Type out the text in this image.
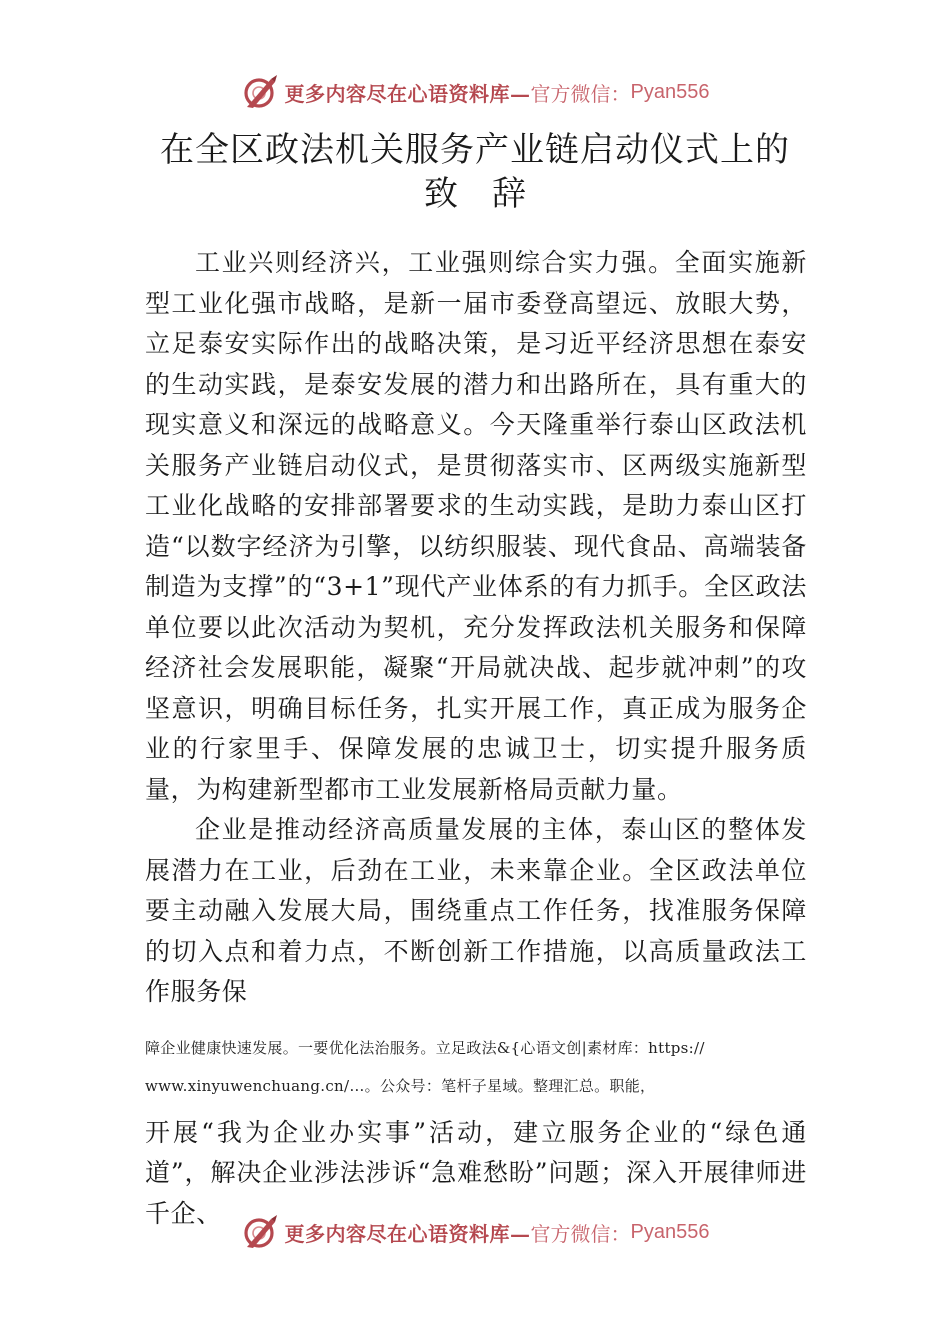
更多内容尽在心语资料库— 官方微信： Pyan556
在全区政法机关服务产业链启动仪式上的
致辞

工业兴则经济兴，工业强则综合实力强。全面实施新型工业化强市战略，是新一届市委登高望远、放眼大势，立足泰安实际作出的战略决策，是习近平经济思想在泰安的生动实践，是泰安发展的潜力和出路所在，具有重大的现实意义和深远的战略意义。今天隆重举行泰山区政法机关服务产业链启动仪式，是贯彻落实市、区两级实施新型工业化战略的安排部署要求的生动实践，是助力泰山区打造“以数字经济为引擎，以纺织服装、现代食品、高端装备制造为支撑”的“3+1”现代产业体系的有力抓手。全区政法单位要以此次活动为契机，充分发挥政法机关服务和保障经济社会发展职能，凝聚“开局就决战、起步就冲刺”的攻坚意识，明确目标任务，扎实开展工作，真正成为服务企业的行家里手、保障发展的忠诚卫士，切实提升服务质量，为构建新型都市工业发展新格局贡献力量。

企业是推动经济高质量发展的主体，泰山区的整体发展潜力在工业，后劲在工业，未来靠企业。全区政法单位要主动融入发展大局，围绕重点工作任务，找准服务保障的切入点和着力点，不断创新工作措施，以高质量政法工作服务保

障企业健康快速发展。一要优化法治服务。立足政法&{心语文创|素材库：https://
www.xinyuwenchuang.cn/…。公众号：笔杆子星域。整理汇总。职能，

开展“我为企业办实事”活动，建立服务企业的“绿色通道”，解决企业涉法涉诉“急难愁盼”问题；深入开展律师进千企、

更多内容尽在心语资料库— 官方微信： Pyan556
